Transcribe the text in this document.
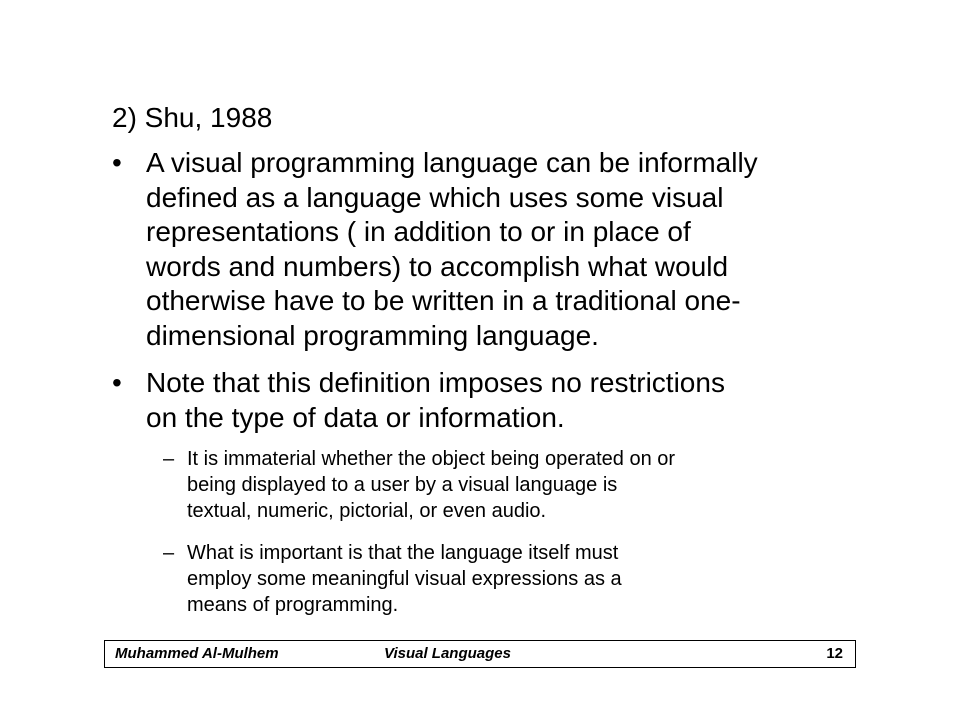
2) Shu, 1988
• A visual programming language can be informally
defined as a language which uses some visual
representations ( in addition to or in place of
words and numbers) to accomplish what would
otherwise have to be written in a traditional one-
dimensional programming language.
• Note that this definition imposes no restrictions
on the type of data or information.
– It is immaterial whether the object being operated on or
being displayed to a user by a visual language is
textual, numeric, pictorial, or even audio.
– What is important is that the language itself must
employ some meaningful visual expressions as a
means of programming.
Muhammed Al-Mulhem	Visual Languages	12
